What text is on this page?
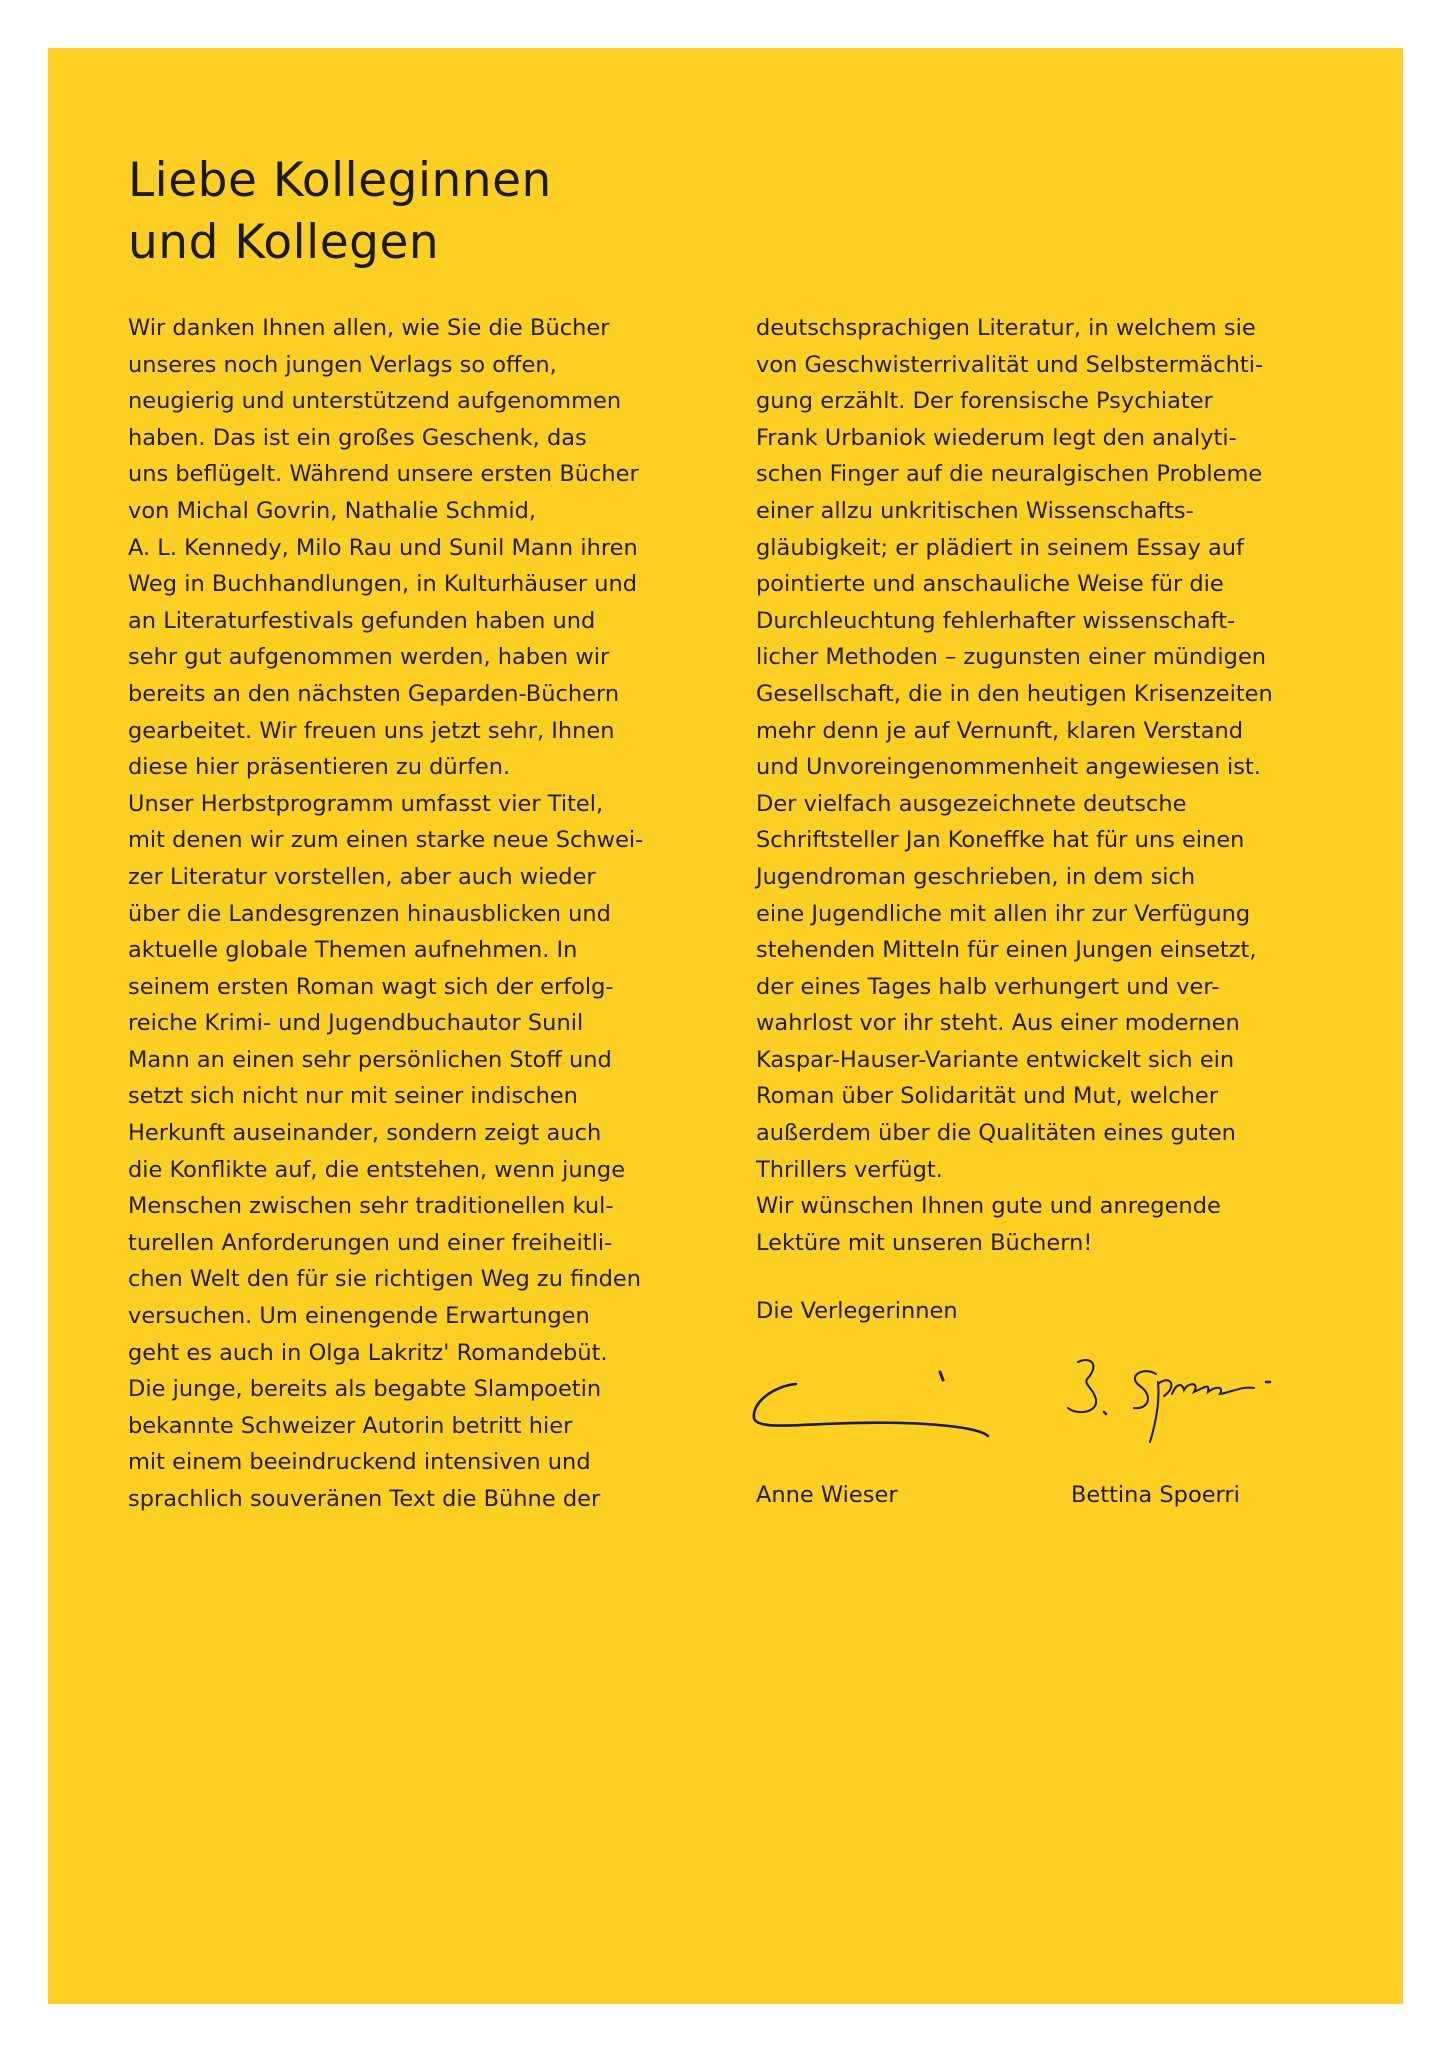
Liebe Kolleginnen
und Kollegen
Wir danken Ihnen allen, wie Sie die Bücher
unseres noch jungen Verlags so offen,
neugierig und unterstützend aufgenommen
haben. Das ist ein großes Geschenk, das
uns beflügelt. Während unsere ersten Bücher
von Michal Govrin, Nathalie Schmid,
A. L. Kennedy, Milo Rau und Sunil Mann ihren
Weg in Buchhandlungen, in Kulturhäuser und
an Literaturfestivals gefunden haben und
sehr gut aufgenommen werden, haben wir
bereits an den nächsten Geparden-Büchern
gearbeitet. Wir freuen uns jetzt sehr, Ihnen
diese hier präsentieren zu dürfen.
Unser Herbstprogramm umfasst vier Titel,
mit denen wir zum einen starke neue Schwei-
zer Literatur vorstellen, aber auch wieder
über die Landesgrenzen hinausblicken und
aktuelle globale Themen aufnehmen. In
seinem ersten Roman wagt sich der erfolg-
reiche Krimi- und Jugendbuchautor Sunil
Mann an einen sehr persönlichen Stoff und
setzt sich nicht nur mit seiner indischen
Herkunft auseinander, sondern zeigt auch
die Konflikte auf, die entstehen, wenn junge
Menschen zwischen sehr traditionellen kul-
turellen Anforderungen und einer freiheitli-
chen Welt den für sie richtigen Weg zu finden
versuchen. Um einengende Erwartungen
geht es auch in Olga Lakritz' Romandebüt.
Die junge, bereits als begabte Slampoetin
bekannte Schweizer Autorin betritt hier
mit einem beeindruckend intensiven und
sprachlich souveränen Text die Bühne der
deutschsprachigen Literatur, in welchem sie
von Geschwisterrivalität und Selbstermächti-
gung erzählt. Der forensische Psychiater
Frank Urbaniok wiederum legt den analyti-
schen Finger auf die neuralgischen Probleme
einer allzu unkritischen Wissenschafts-
gläubigkeit; er plädiert in seinem Essay auf
pointierte und anschauliche Weise für die
Durchleuchtung fehlerhafter wissenschaft-
licher Methoden – zugunsten einer mündigen
Gesellschaft, die in den heutigen Krisenzeiten
mehr denn je auf Vernunft, klaren Verstand
und Unvoreingenommenheit angewiesen ist.
Der vielfach ausgezeichnete deutsche
Schriftsteller Jan Koneffke hat für uns einen
Jugendroman geschrieben, in dem sich
eine Jugendliche mit allen ihr zur Verfügung
stehenden Mitteln für einen Jungen einsetzt,
der eines Tages halb verhungert und ver-
wahrlost vor ihr steht. Aus einer modernen
Kaspar-Hauser-Variante entwickelt sich ein
Roman über Solidarität und Mut, welcher
außerdem über die Qualitäten eines guten
Thrillers verfügt.
Wir wünschen Ihnen gute und anregende
Lektüre mit unseren Büchern!
Die Verlegerinnen
Anne Wieser	Bettina Spoerri
